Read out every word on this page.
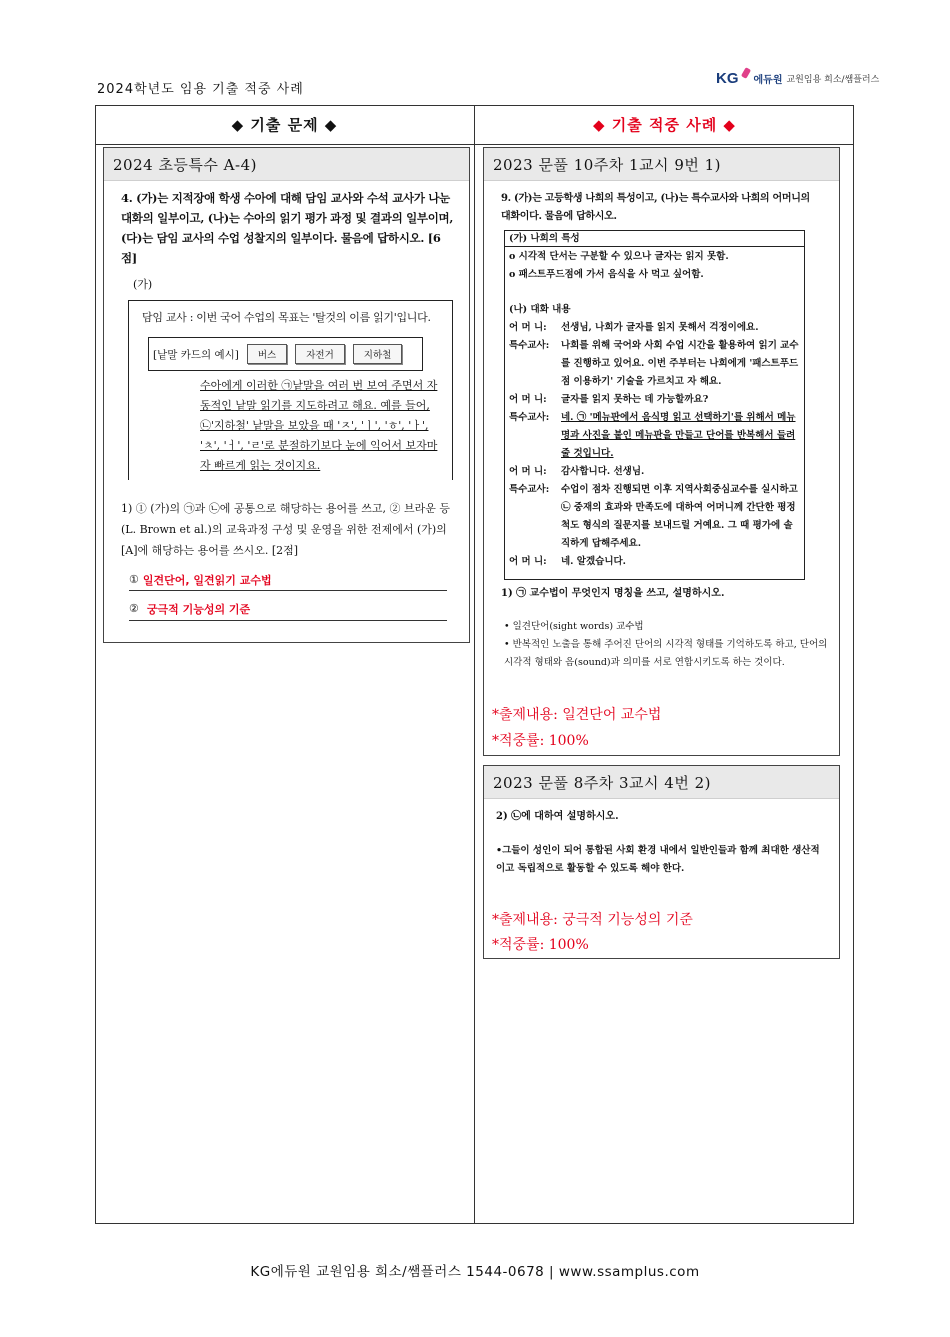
2024학년도 임용 기출 적중 사례
KG 에듀원 교원임용 희소/쌤플러스
◆ 기출 문제 ◆	◆ 기출 적중 사례 ◆
2024 초등특수 A-4)
4. (가)는 지적장애 학생 수아에 대해 담임 교사와 수석 교사가 나눈 대화의 일부이고, (나)는 수아의 읽기 평가 과정 및 결과의 일부이며, (다)는 담임 교사의 수업 성찰지의 일부이다. 물음에 답하시오. [6점]
(가)
담임 교사 : 이번 국어 수업의 목표는 '탈것의 이름 읽기'입니다.
[낱말 카드의 예시]	버스	자전거	지하철
수아에게 이러한 ㉠낱말을 여러 번 보여 주면서 자동적인 낱말 읽기를 지도하려고 해요. 예를 들어,
㉡'지하철' 낱말을 보았을 때 'ㅈ', 'ㅣ', 'ㅎ', 'ㅏ', 'ㅊ', 'ㅓ', 'ㄹ'로 분절하기보다 눈에 익어서 보자마자 빠르게 읽는 것이지요.
1) ① (가)의 ㉠과 ㉡에 공통으로 해당하는 용어를 쓰고, ② 브라운 등(L. Brown et al.)의 교육과정 구성 및 운영을 위한 전제에서 (가)의 [A]에 해당하는 용어를 쓰시오. [2점]
① 일견단어, 일견읽기 교수법
② 궁극적 기능성의 기준
2023 문풀 10주차 1교시 9번 1)
9. (가)는 고등학생 나희의 특성이고, (나)는 특수교사와 나희의 어머니의 대화이다. 물음에 답하시오.
(가) 나희의 특성
o 시각적 단서는 구분할 수 있으나 글자는 읽지 못함.
o 패스트푸드점에 가서 음식을 사 먹고 싶어함.
(나) 대화 내용
어 머 니:	선생님, 나희가 글자를 읽지 못해서 걱정이에요.
특수교사:	나희를 위해 국어와 사회 수업 시간을 활용하여 읽기 교수를 진행하고 있어요. 이번 주부터는 나희에게 '패스트푸드점 이용하기' 기술을 가르치고 자 해요.
어 머 니:	글자를 읽지 못하는 데 가능할까요?
특수교사:	네. ㉠ '메뉴판에서 음식명 읽고 선택하기'를 위해서 메뉴명과 사진을 붙인 메뉴판을 만들고 단어를 반복해서 들려줄 것입니다.
어 머 니:	감사합니다. 선생님.
특수교사:	수업이 점차 진행되면 이후 지역사회중심교수를 실시하고 ㉡ 중재의 효과와 만족도에 대하여 어머니께 간단한 평정척도 형식의 질문지를 보내드릴 거예요. 그 때 평가에 솔직하게 답해주세요.
어 머 니:	네. 알겠습니다.
1) ㉠ 교수법이 무엇인지 명칭을 쓰고, 설명하시오.
• 일견단어(sight words) 교수법
• 반복적인 노출을 통해 주어진 단어의 시각적 형태를 기억하도록 하고, 단어의 시각적 형태와 음(sound)과 의미를 서로 연합시키도록 하는 것이다.
*출제내용: 일견단어 교수법
*적중률: 100%
2023 문풀 8주차 3교시 4번 2)
2) ㉡에 대하여 설명하시오.
•그들이 성인이 되어 통합된 사회 환경 내에서 일반인들과 함께 최대한 생산적이고 독립적으로 활동할 수 있도록 해야 한다.
*출제내용: 궁극적 기능성의 기준
*적중률: 100%
KG에듀원 교원임용 희소/쌤플러스 1544-0678 | www.ssamplus.com
